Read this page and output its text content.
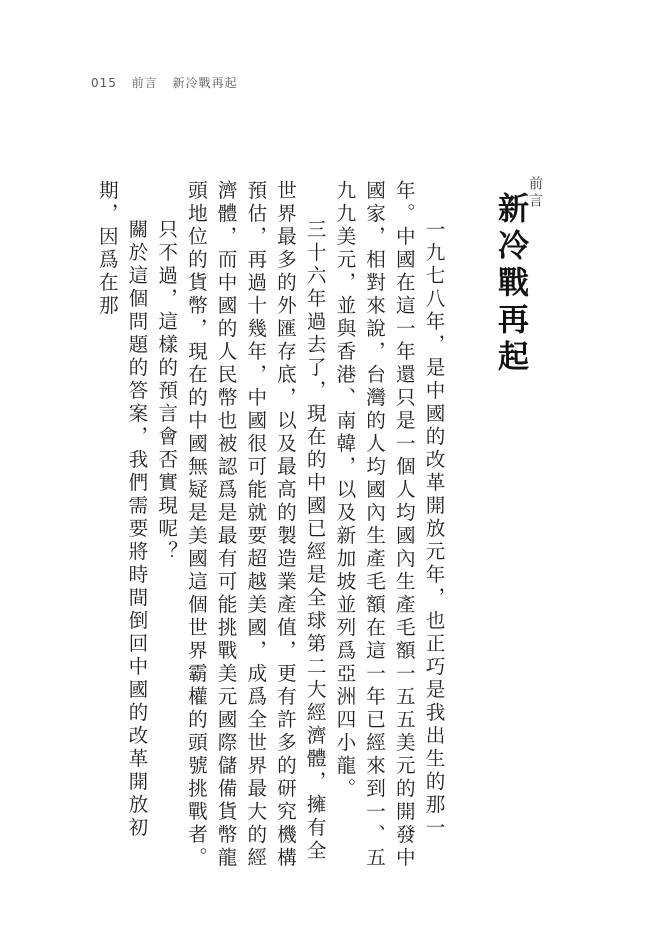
015 前言 新冷戰再起
前言
新冷戰再起

一九七八年，是中國的改革開放元年，也正巧是我出生的那一年。中國在這一年還只是一個人均國內生產毛額一五五美元的開發中國家，相對來說，台灣的人均國內生產毛額在這一年已經來到一、五九九美元，並與香港、南韓，以及新加坡並列爲亞洲四小龍。

三十六年過去了，現在的中國已經是全球第二大經濟體，擁有全世界最多的外匯存底，以及最高的製造業產值，更有許多的研究機構預估，再過十幾年，中國很可能就要超越美國，成爲全世界最大的經濟體，而中國的人民幣也被認爲是最有可能挑戰美元國際儲備貨幣龍頭地位的貨幣，現在的中國無疑是美國這個世界霸權的頭號挑戰者。

只不過，這樣的預言會否實現呢？

關於這個問題的答案，我們需要將時間倒回中國的改革開放初期，因爲在那
